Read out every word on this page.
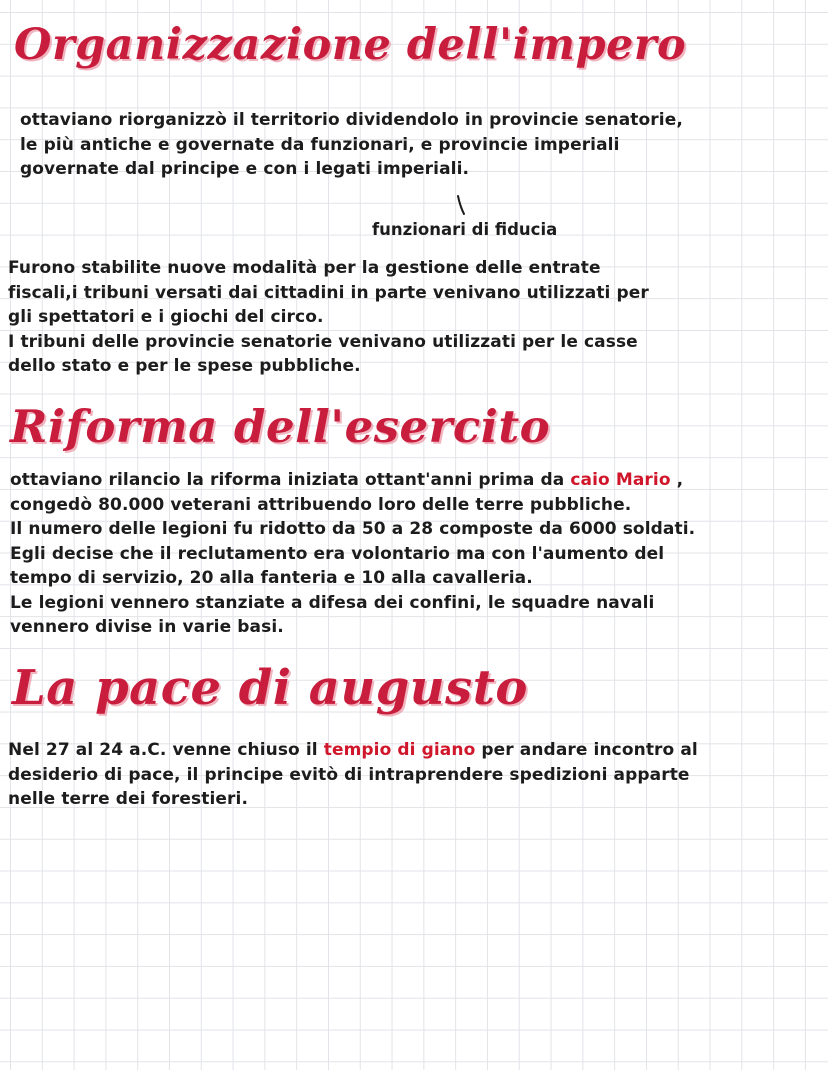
Organizzazione dell'impero

ottaviano riorganizzò il territorio dividendolo in provincie senatorie,
le più antiche e governate da funzionari, e provincie imperiali
governate dal principe e con i legati imperiali.

funzionari di fiducia

Furono stabilite nuove modalità per la gestione delle entrate
fiscali,i tribuni versati dai cittadini in parte venivano utilizzati per
gli spettatori e i giochi del circo.
I tribuni delle provincie senatorie venivano utilizzati per le casse
dello stato e per le spese pubbliche.

Riforma dell'esercito

ottaviano rilancio la riforma iniziata ottant'anni prima da caio Mario ,
congedò 80.000 veterani attribuendo loro delle terre pubbliche.
Il numero delle legioni fu ridotto da 50 a 28 composte da 6000 soldati.
Egli decise che il reclutamento era volontario ma con l'aumento del
tempo di servizio, 20 alla fanteria e 10 alla cavalleria.
Le legioni vennero stanziate a difesa dei confini, le squadre navali
vennero divise in varie basi.

La pace di augusto

Nel 27 al 24 a.C. venne chiuso il tempio di giano per andare incontro al
desiderio di pace, il principe evitò di intraprendere spedizioni apparte
nelle terre dei forestieri.
